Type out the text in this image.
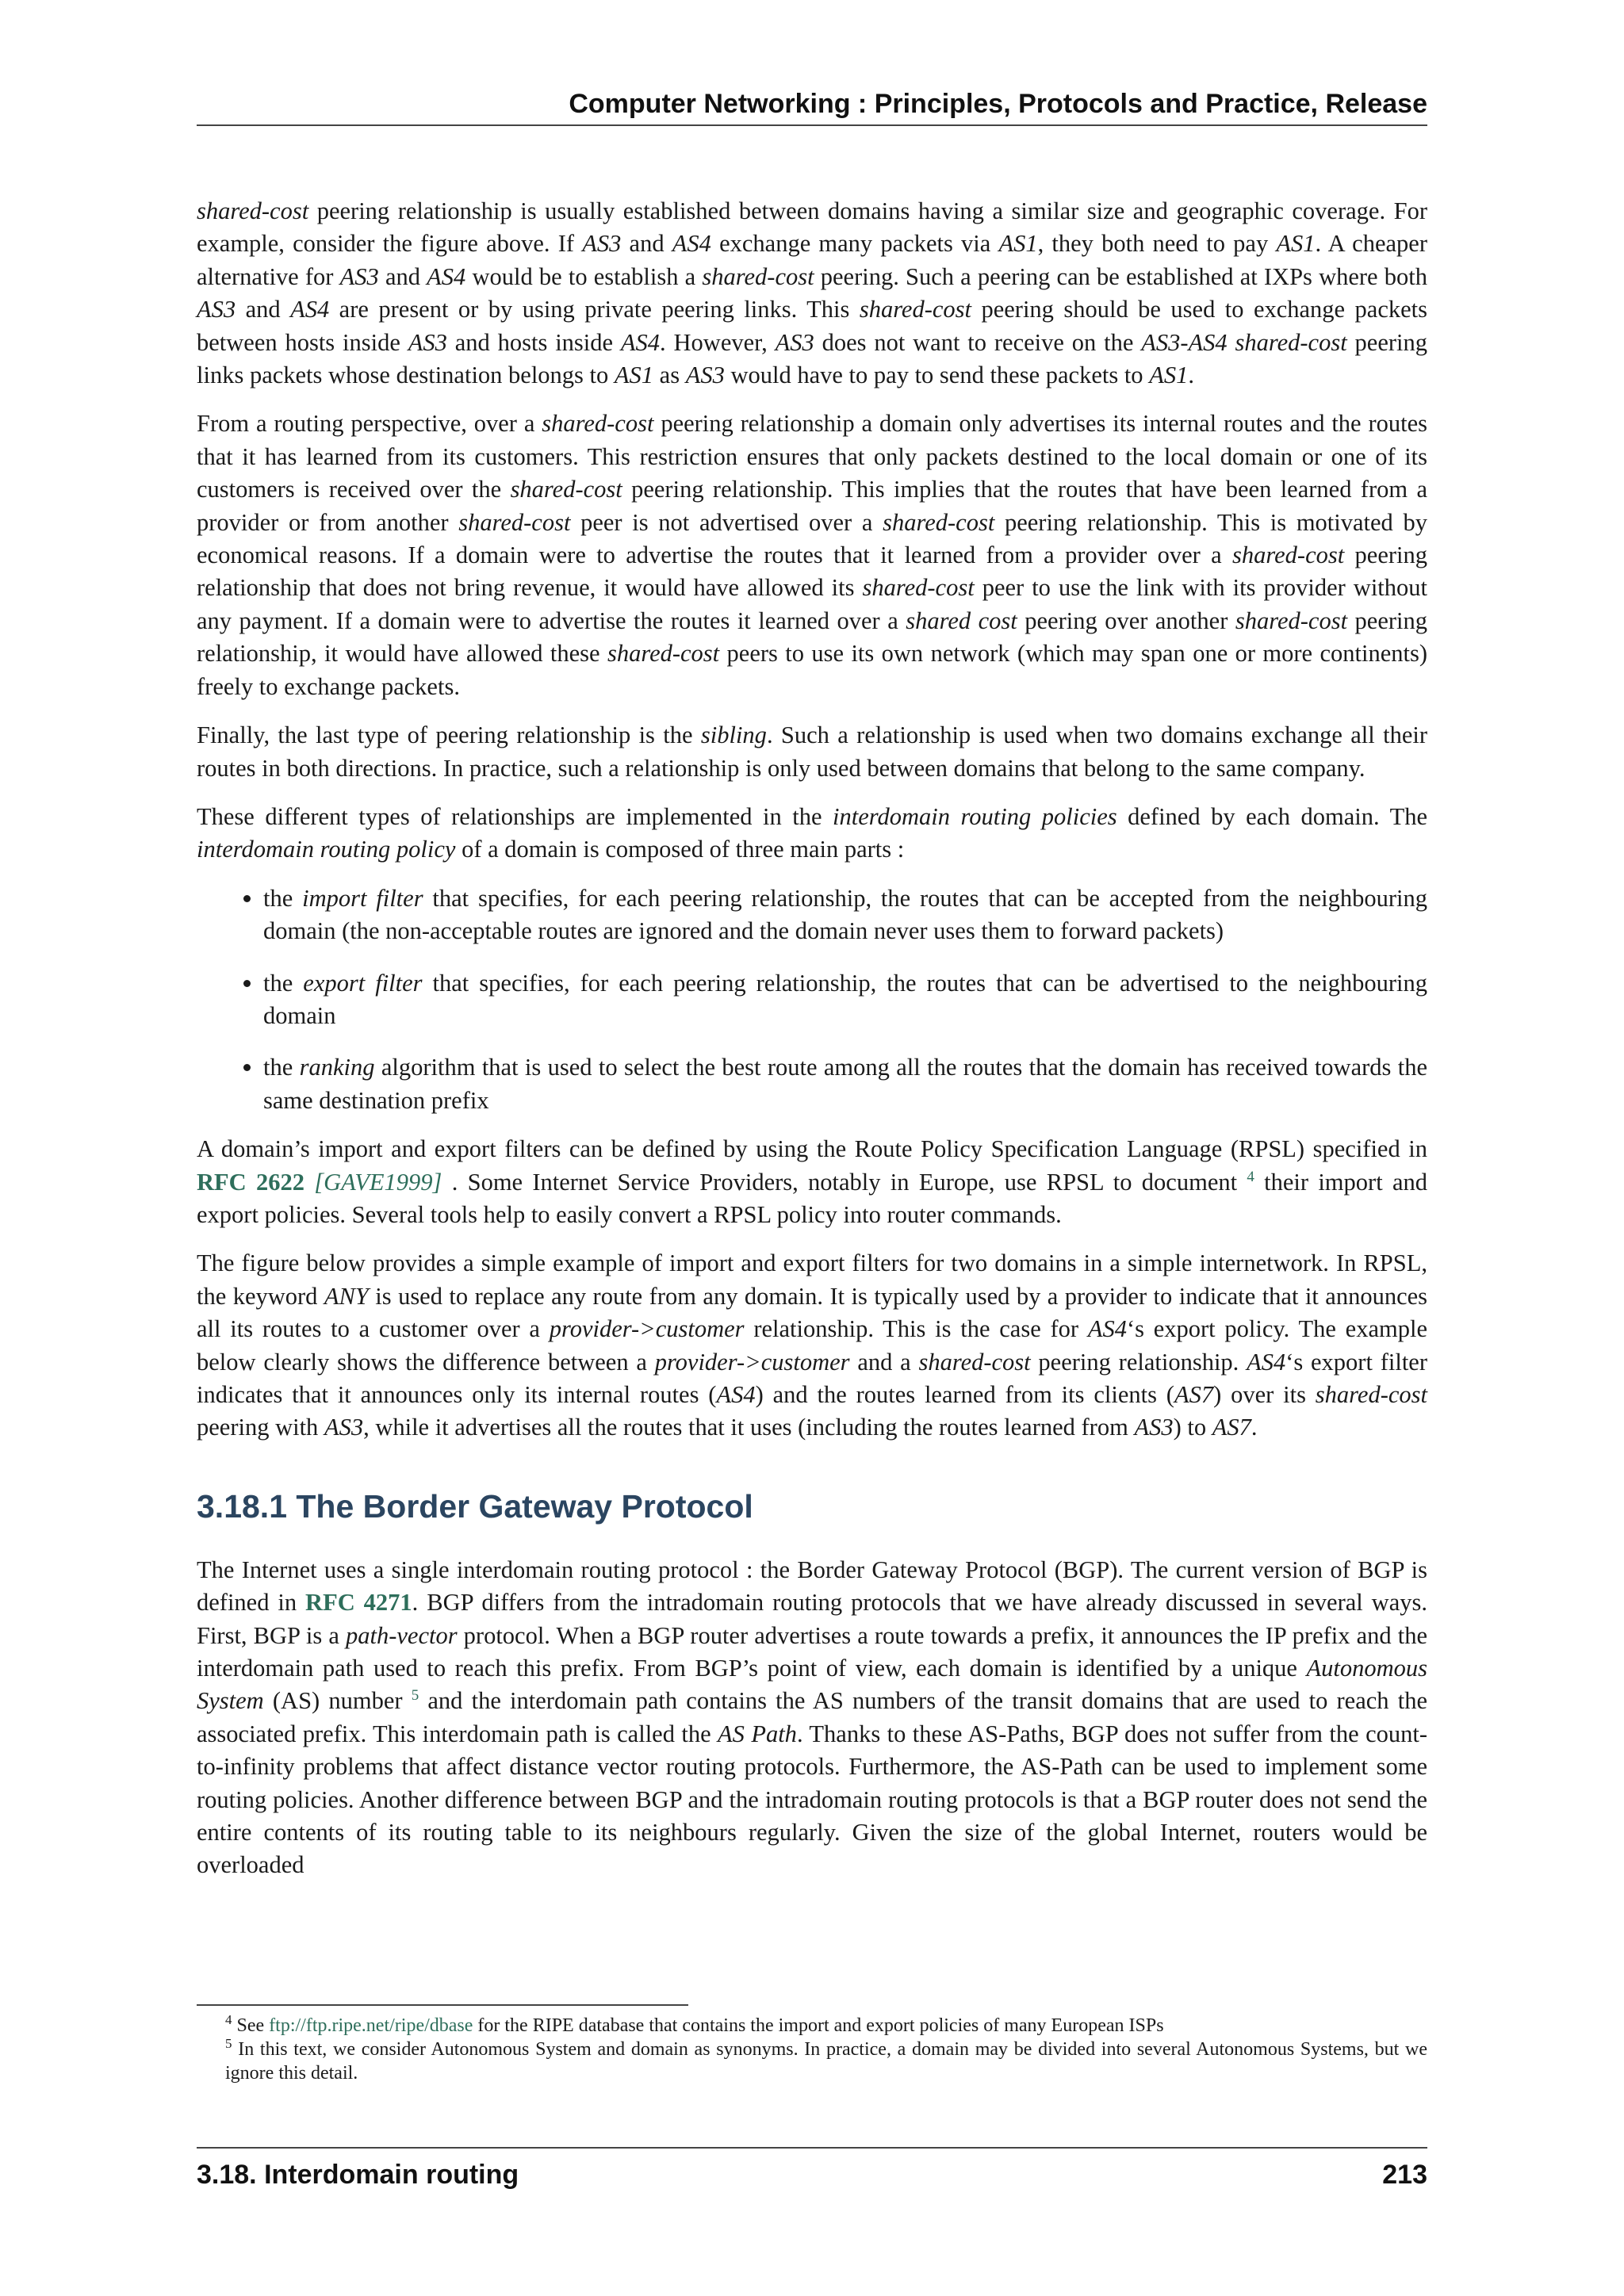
Computer Networking : Principles, Protocols and Practice, Release

shared-cost peering relationship is usually established between domains having a similar size and geographic coverage. For example, consider the figure above. If AS3 and AS4 exchange many packets via AS1, they both need to pay AS1. A cheaper alternative for AS3 and AS4 would be to establish a shared-cost peering. Such a peering can be established at IXPs where both AS3 and AS4 are present or by using private peering links. This shared-cost peering should be used to exchange packets between hosts inside AS3 and hosts inside AS4. However, AS3 does not want to receive on the AS3-AS4 shared-cost peering links packets whose destination belongs to AS1 as AS3 would have to pay to send these packets to AS1.

From a routing perspective, over a shared-cost peering relationship a domain only advertises its internal routes and the routes that it has learned from its customers. This restriction ensures that only packets destined to the local domain or one of its customers is received over the shared-cost peering relationship. This implies that the routes that have been learned from a provider or from another shared-cost peer is not advertised over a shared-cost peering relationship. This is motivated by economical reasons. If a domain were to advertise the routes that it learned from a provider over a shared-cost peering relationship that does not bring revenue, it would have allowed its shared-cost peer to use the link with its provider without any payment. If a domain were to advertise the routes it learned over a shared cost peering over another shared-cost peering relationship, it would have allowed these shared-cost peers to use its own network (which may span one or more continents) freely to exchange packets.

Finally, the last type of peering relationship is the sibling. Such a relationship is used when two domains exchange all their routes in both directions. In practice, such a relationship is only used between domains that belong to the same company.

These different types of relationships are implemented in the interdomain routing policies defined by each domain. The interdomain routing policy of a domain is composed of three main parts :

• the import filter that specifies, for each peering relationship, the routes that can be accepted from the neighbouring domain (the non-acceptable routes are ignored and the domain never uses them to forward packets)
• the export filter that specifies, for each peering relationship, the routes that can be advertised to the neighbouring domain
• the ranking algorithm that is used to select the best route among all the routes that the domain has received towards the same destination prefix

A domain’s import and export filters can be defined by using the Route Policy Specification Language (RPSL) specified in RFC 2622 [GAVE1999] . Some Internet Service Providers, notably in Europe, use RPSL to document $^4$ their import and export policies. Several tools help to easily convert a RPSL policy into router commands.

The figure below provides a simple example of import and export filters for two domains in a simple internetwork. In RPSL, the keyword ANY is used to replace any route from any domain. It is typically used by a provider to indicate that it announces all its routes to a customer over a provider->customer relationship. This is the case for AS4‘s export policy. The example below clearly shows the difference between a provider->customer and a shared-cost peering relationship. AS4‘s export filter indicates that it announces only its internal routes (AS4) and the routes learned from its clients (AS7) over its shared-cost peering with AS3, while it advertises all the routes that it uses (including the routes learned from AS3) to AS7.

3.18.1 The Border Gateway Protocol

The Internet uses a single interdomain routing protocol : the Border Gateway Protocol (BGP). The current version of BGP is defined in RFC 4271. BGP differs from the intradomain routing protocols that we have already discussed in several ways. First, BGP is a path-vector protocol. When a BGP router advertises a route towards a prefix, it announces the IP prefix and the interdomain path used to reach this prefix. From BGP’s point of view, each domain is identified by a unique Autonomous System (AS) number $^5$ and the interdomain path contains the AS numbers of the transit domains that are used to reach the associated prefix. This interdomain path is called the AS Path. Thanks to these AS-Paths, BGP does not suffer from the count-to-infinity problems that affect distance vector routing protocols. Furthermore, the AS-Path can be used to implement some routing policies. Another difference between BGP and the intradomain routing protocols is that a BGP router does not send the entire contents of its routing table to its neighbours regularly. Given the size of the global Internet, routers would be overloaded

$^4$ See ftp://ftp.ripe.net/ripe/dbase for the RIPE database that contains the import and export policies of many European ISPs

$^5$ In this text, we consider Autonomous System and domain as synonyms. In practice, a domain may be divided into several Autonomous Systems, but we ignore this detail.

3.18. Interdomain routing	213
